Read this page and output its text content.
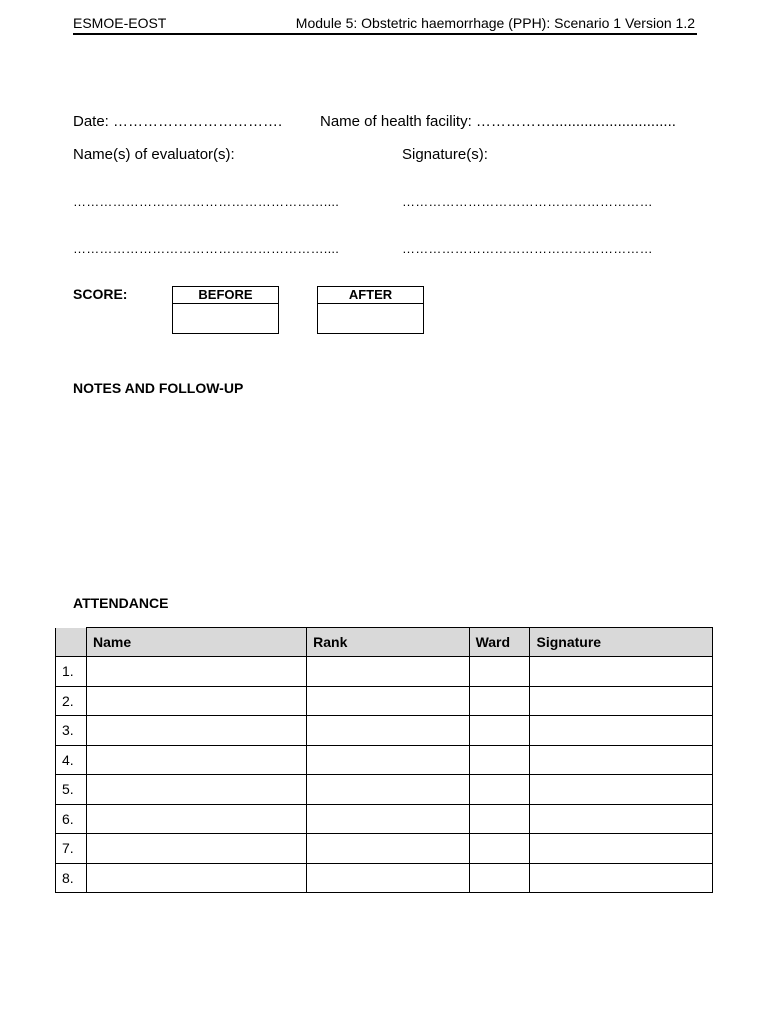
ESMOE-EOST	Module 5: Obstetric haemorrhage (PPH): Scenario 1 Version 1.2
Date: …………………………….	Name of health facility: ……………..............................
Name(s) of evaluator(s):	Signature(s):
…………………………………………………....	…………………………………………………
…………………………………………………....	…………………………………………………
SCORE:	BEFORE	AFTER
NOTES AND FOLLOW-UP
ATTENDANCE
	Name	Rank	Ward	Signature
1.				
2.				
3.				
4.				
5.				
6.				
7.				
8.				
